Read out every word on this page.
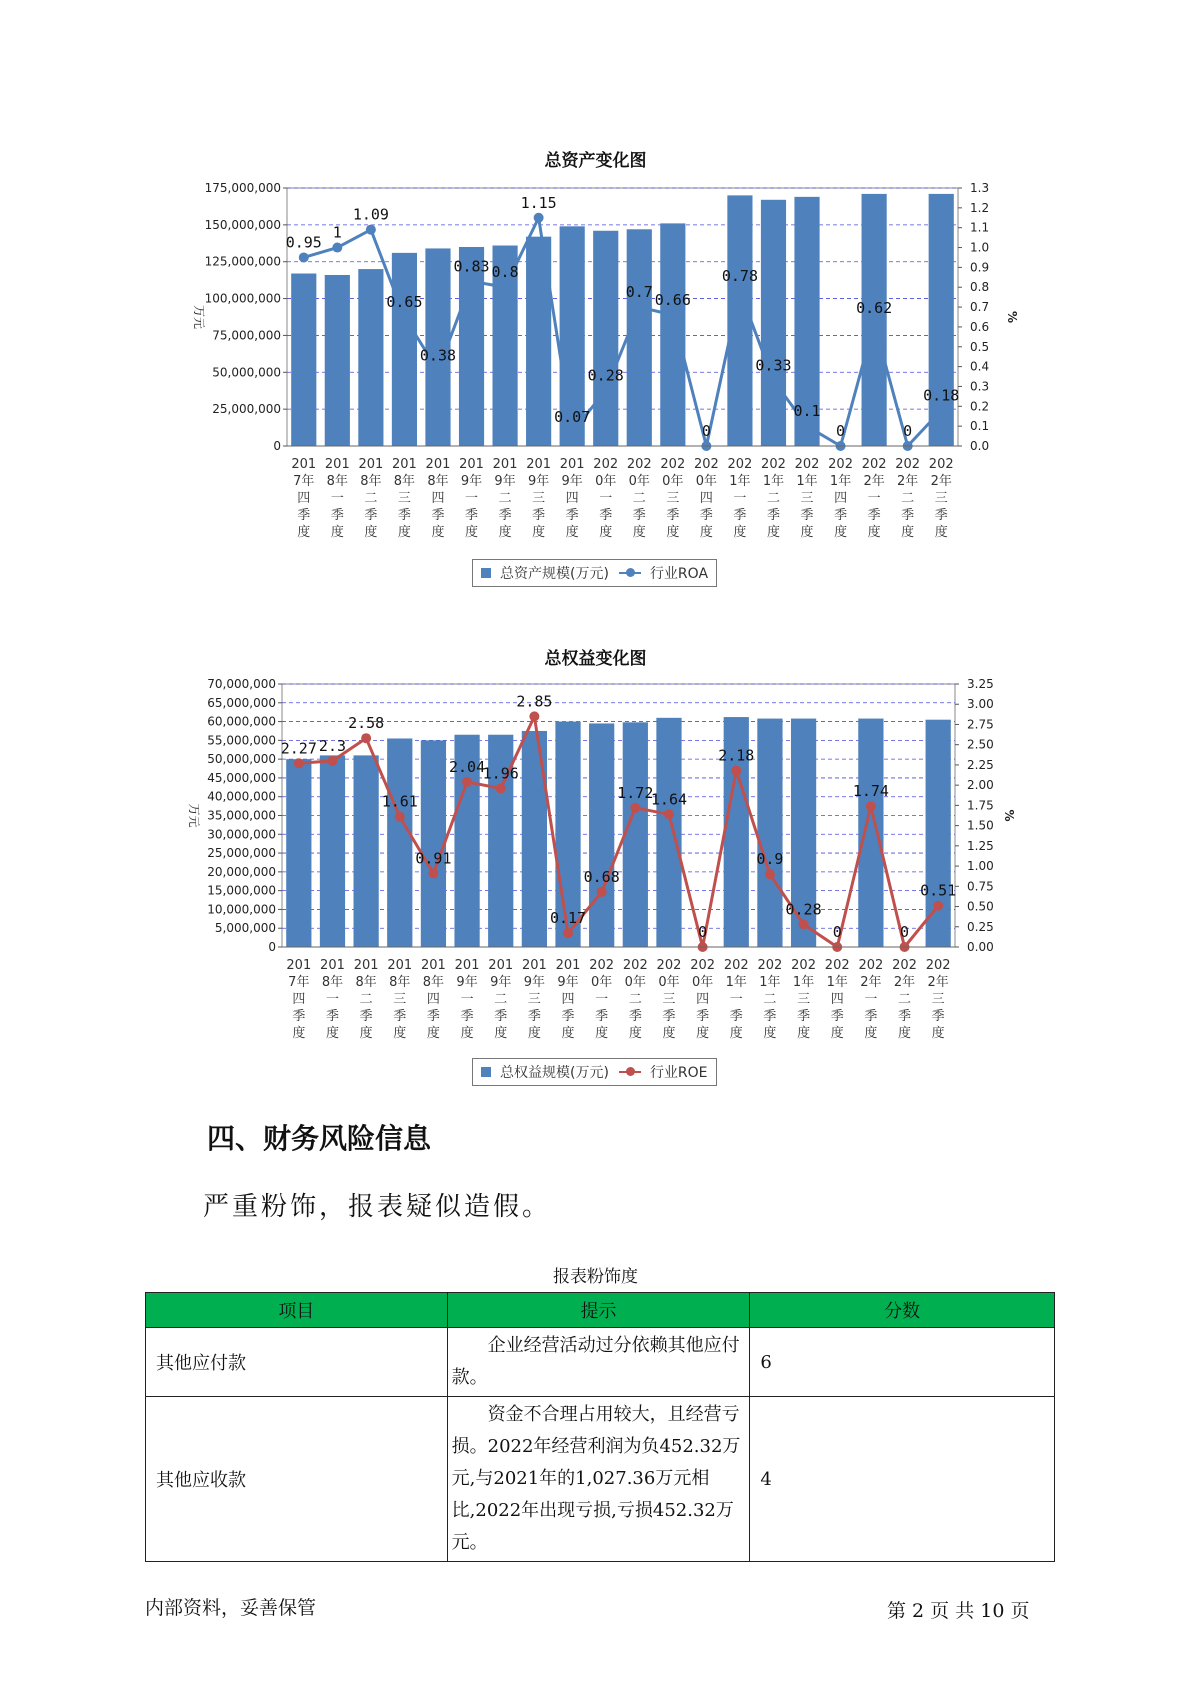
总资产变化图
0
25,000,000
50,000,000
75,000,000
100,000,000
125,000,000
150,000,000
175,000,000
0.0
0.1
0.2
0.3
0.4
0.5
0.6
0.7
0.8
0.9
1.0
1.1
1.2
1.3
万元	%
0.95
1
1.09
0.65
0.38
0.83 0.8
1.15
0.07
0.28
0.7 0.66
0
0.78
0.33
0.1
0
0.62
0
0.18
201 7年四季度
201 8年一季度
201 8年二季度
201 8年三季度
201 8年四季度
201 9年一季度
201 9年二季度
201 9年三季度
201 9年四季度
202 0年一季度
202 0年二季度
202 0年三季度
202 0年四季度
202 1年一季度
202 1年二季度
202 1年三季度
202 1年四季度
202 2年一季度
202 2年二季度
202 2年三季度
总资产规模(万元)	行业ROA
总权益变化图
0
5,000,000
10,000,000
15,000,000
20,000,000
25,000,000
30,000,000
35,000,000
40,000,000
45,000,000
50,000,000
55,000,000
60,000,000
65,000,000
70,000,000
0.00
0.25
0.50
0.75
1.00
1.25
1.50
1.75
2.00
2.25
2.50
2.75
3.00
3.25
万元	%
2.27 2.3
2.58
1.61
0.91
2.04
1.96
2.85
0.17
0.68
1.72
1.64
0
2.18
0.9
0.28
0
1.74
0
0.51
201 7年四季度
201 8年一季度
201 8年二季度
201 8年三季度
201 8年四季度
201 9年一季度
201 9年二季度
201 9年三季度
201 9年四季度
202 0年一季度
202 0年二季度
202 0年三季度
202 0年四季度
202 1年一季度
202 1年二季度
202 1年三季度
202 1年四季度
202 2年一季度
202 2年二季度
202 2年三季度
总权益规模(万元)	行业ROE
四、财务风险信息
严重粉饰，报表疑似造假。
报表粉饰度
项目	提示	分数
其他应付款	企业经营活动过分依赖其他应付款。	6
其他应收款	资金不合理占用较大，且经营亏损。2022年经营利润为负452.32万元,与2021年的1,027.36万元相比,2022年出现亏损,亏损452.32万元。	4
内部资料，妥善保管	第 2 页 共 10 页
